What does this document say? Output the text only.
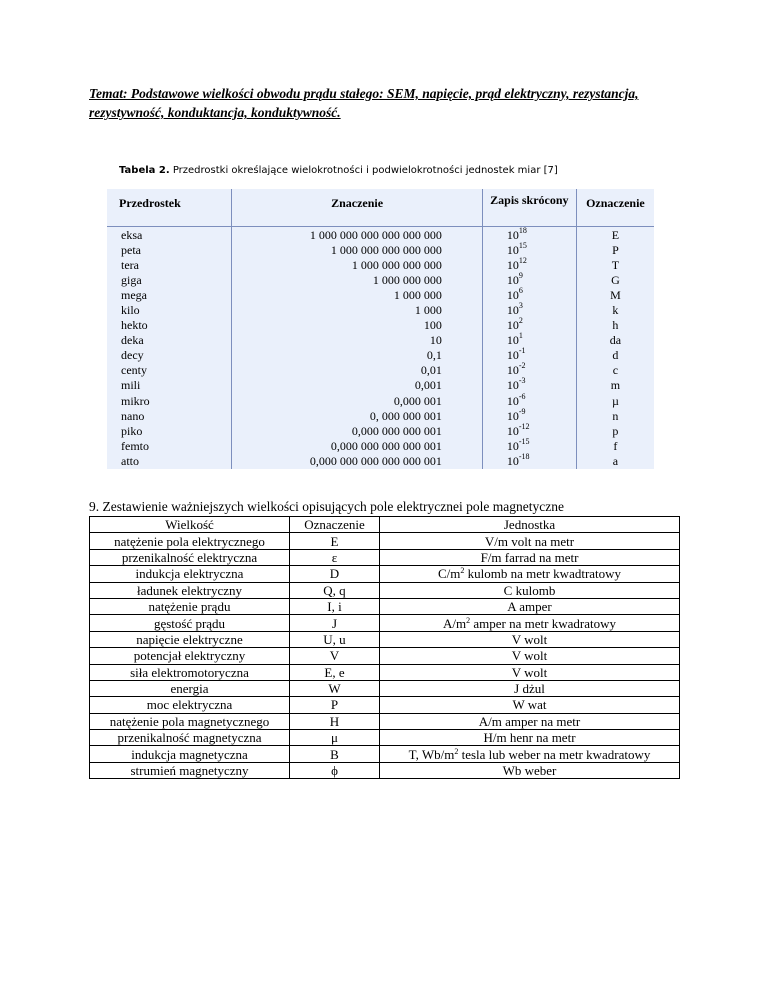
Temat: Podstawowe wielkości obwodu prądu stałego: SEM, napięcie, prąd elektryczny, rezystancja, rezystywność, konduktancja, konduktywność.
Tabela 2. Przedrostki określające wielokrotności i podwielokrotności jednostek miar [7]
Przedrostek	Znaczenie	Zapis skrócony	Oznaczenie
eksa	1 000 000 000 000 000 000	$10^{18}$	E
peta	1 000 000 000 000 000	$10^{15}$	P
tera	1 000 000 000 000	$10^{12}$	T
giga	1 000 000 000	$10^9$	G
mega	1 000 000	$10^6$	M
kilo	1 000	$10^3$	k
hekto	100	$10^2$	h
deka	10	$10^1$	da
decy	0,1	$10^{-1}$	d
centy	0,01	$10^{-2}$	c
mili	0,001	$10^{-3}$	m
mikro	0,000 001	$10^{-6}$	µ
nano	0, 000 000 001	$10^{-9}$	n
piko	0,000 000 000 001	$10^{-12}$	p
femto	0,000 000 000 000 001	$10^{-15}$	f
atto	0,000 000 000 000 000 001	$10^{-18}$	a
9. Zestawienie ważniejszych wielkości opisujących pole elektrycznei pole magnetyczne
Wielkość	Oznaczenie	Jednostka
natężenie pola elektrycznego	E	V/m volt na metr
przenikalność elektryczna	ε	F/m farrad na metr
indukcja elektryczna	D	$C/m^2$ kulomb na metr kwadtratowy
ładunek elektryczny	Q, q	C kulomb
natężenie prądu	I, i	A amper
gęstość prądu	J	$A/m^2$ amper na metr kwadratowy
napięcie elektryczne	U, u	V wolt
potencjał elektryczny	V	V wolt
siła elektromotoryczna	E, e	V wolt
energia	W	J dżul
moc elektryczna	P	W wat
natężenie pola magnetycznego	H	A/m amper na metr
przenikalność magnetyczna	μ	H/m henr na metr
indukcja magnetyczna	B	T, $Wb/m^2$ tesla lub weber na metr kwadratowy
strumień magnetyczny	ϕ	Wb weber
